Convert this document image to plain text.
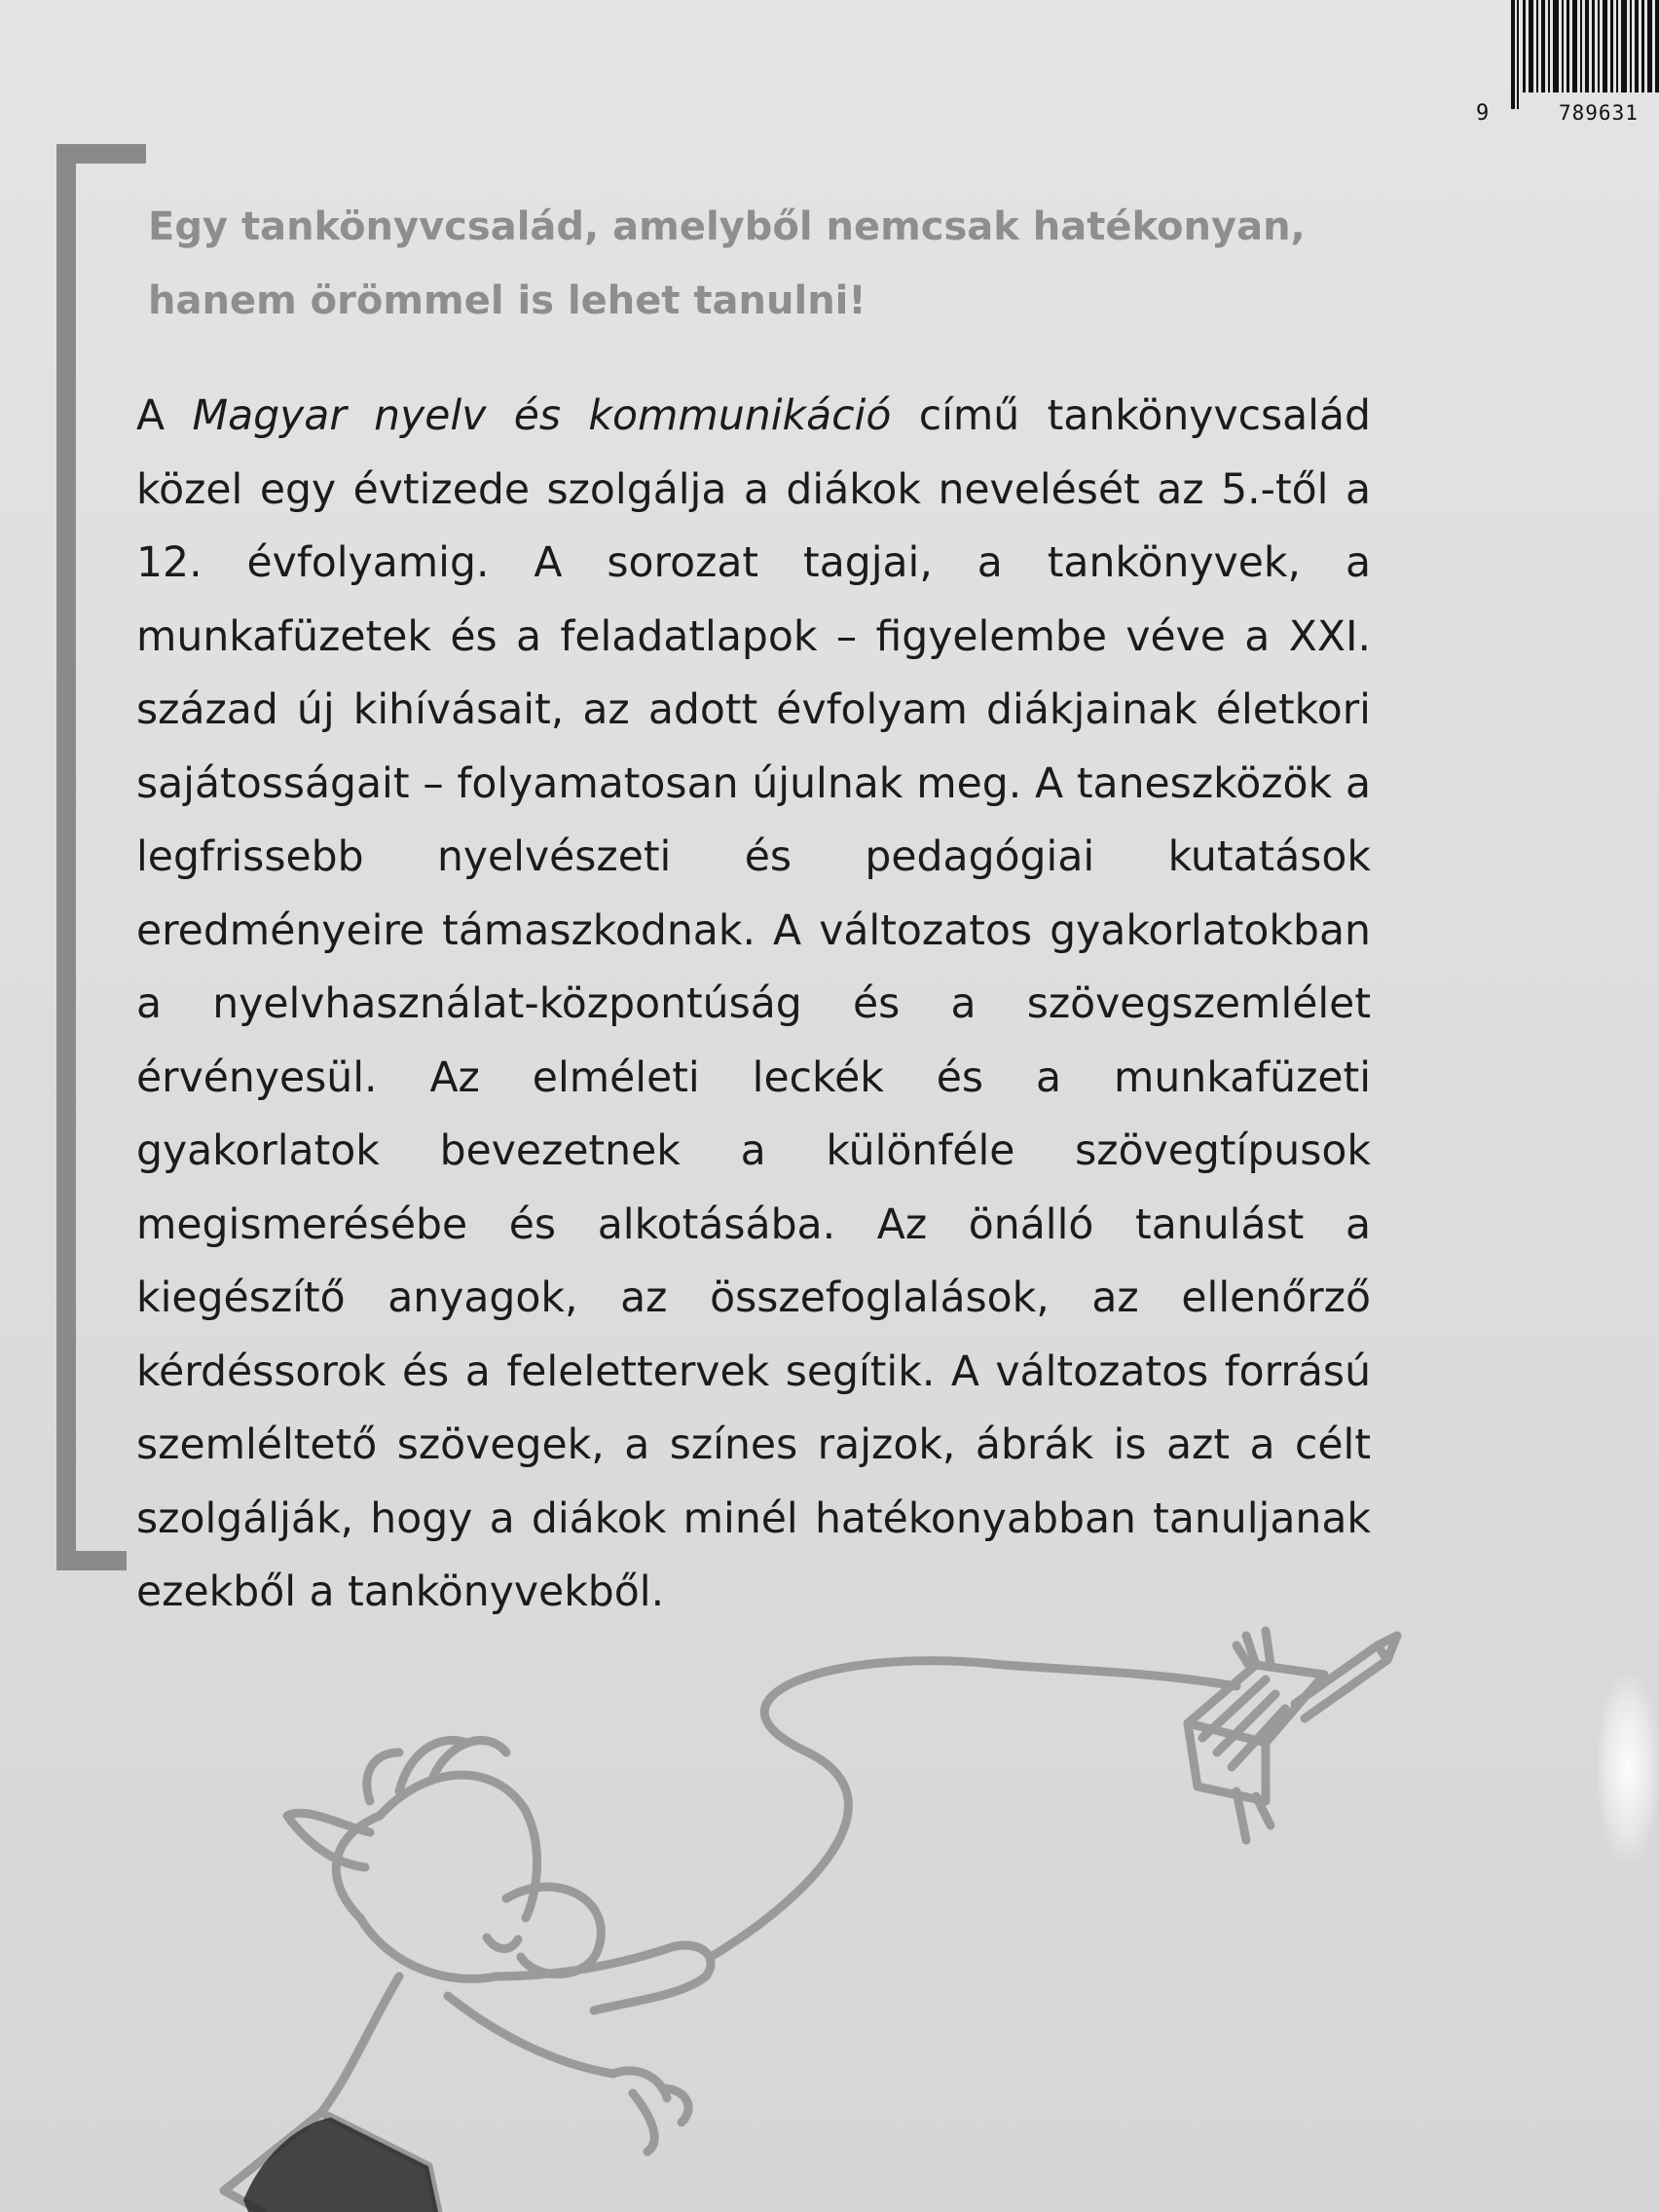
9	789631
Egy tankönyvcsalád, amelyből nemcsak hatékonyan,
hanem örömmel is lehet tanulni!

A Magyar nyelv és kommunikáció című tankönyvcsalád közel egy évtizede szolgálja a diákok nevelését az 5.-től a 12. évfolyamig. A sorozat tagjai, a tankönyvek, a munkafüzetek és a feladatlapok – figyelembe véve a XXI. század új kihívásait, az adott évfolyam diákjainak életkori sajátosságait – folyamatosan újulnak meg. A taneszközök a legfrissebb nyelvészeti és pedagógiai kutatások eredményeire támaszkodnak. A változatos gyakorlatokban a nyelvhasználat-központúság és a szövegszemlélet érvényesül. Az elméleti leckék és a munkafüzeti gyakorlatok bevezetnek a különféle szövegtípusok megismerésébe és alkotásába. Az önálló tanulást a kiegészítő anyagok, az összefoglalások, az ellenőrző kérdéssorok és a felelettervek segítik. A változatos forrású szemléltető szövegek, a színes rajzok, ábrák is azt a célt szolgálják, hogy a diákok minél hatékonyabban tanuljanak ezekből a tankönyvekből.
